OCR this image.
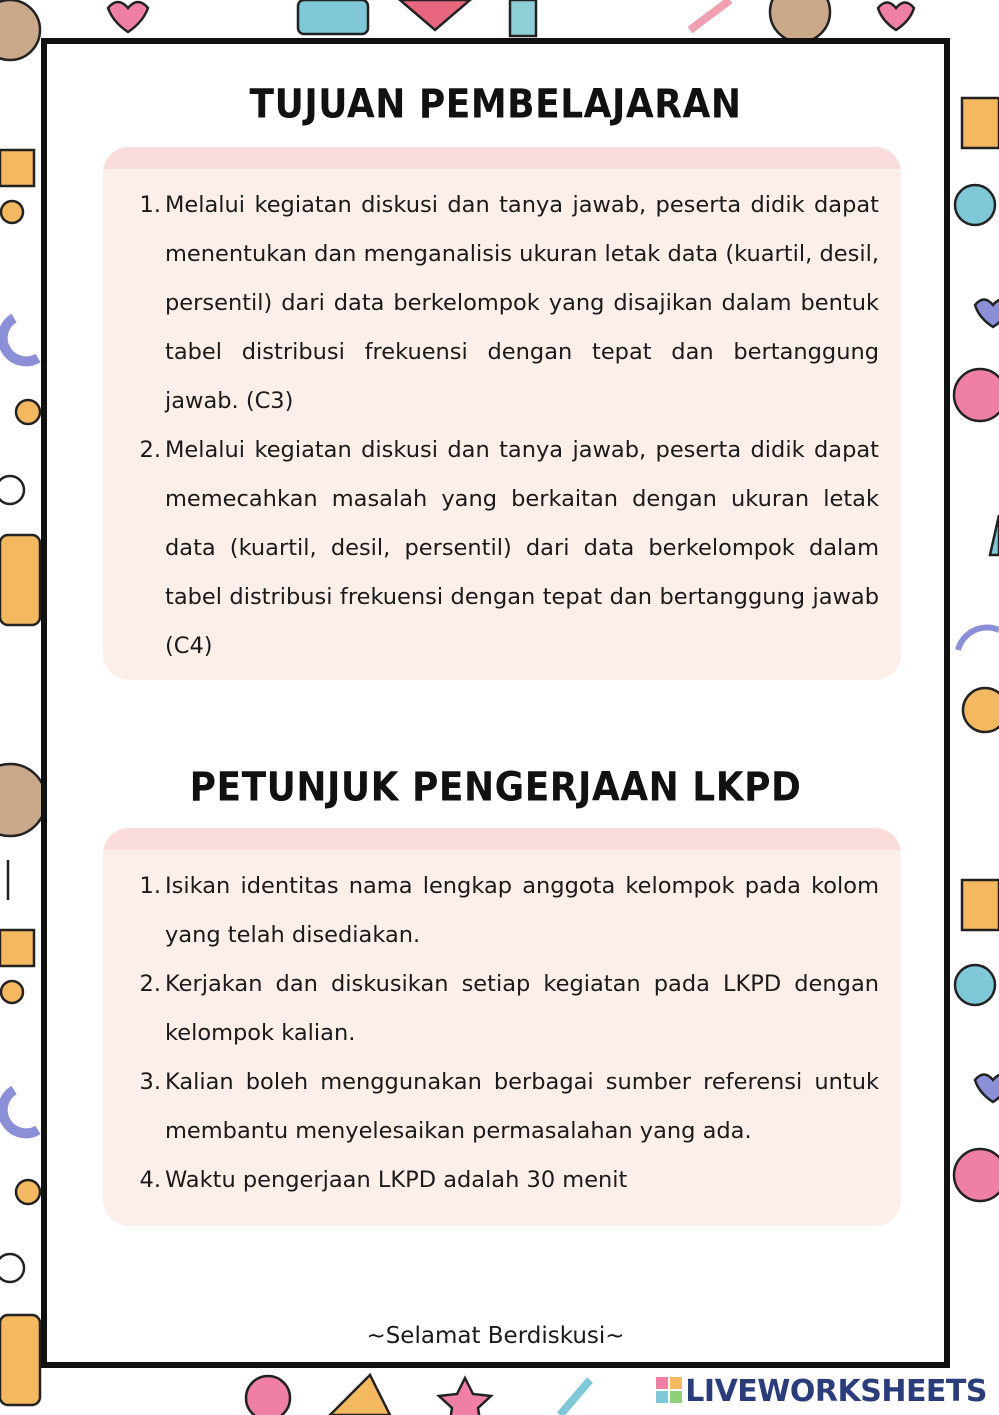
TUJUAN PEMBELAJARAN
1. Melalui kegiatan diskusi dan tanya jawab, peserta didik dapat menentukan dan menganalisis ukuran letak data (kuartil, desil, persentil) dari data berkelompok yang disajikan dalam bentuk tabel distribusi frekuensi dengan tepat dan bertanggung jawab. (C3)
2. Melalui kegiatan diskusi dan tanya jawab, peserta didik dapat memecahkan masalah yang berkaitan dengan ukuran letak data (kuartil, desil, persentil) dari data berkelompok dalam tabel distribusi frekuensi dengan tepat dan bertanggung jawab (C4)
PETUNJUK PENGERJAAN LKPD
1. Isikan identitas nama lengkap anggota kelompok pada kolom yang telah disediakan.
2. Kerjakan dan diskusikan setiap kegiatan pada LKPD dengan kelompok kalian.
3. Kalian boleh menggunakan berbagai sumber referensi untuk membantu menyelesaikan permasalahan yang ada.
4. Waktu pengerjaan LKPD adalah 30 menit
~Selamat Berdiskusi~
LIVEWORKSHEETS
